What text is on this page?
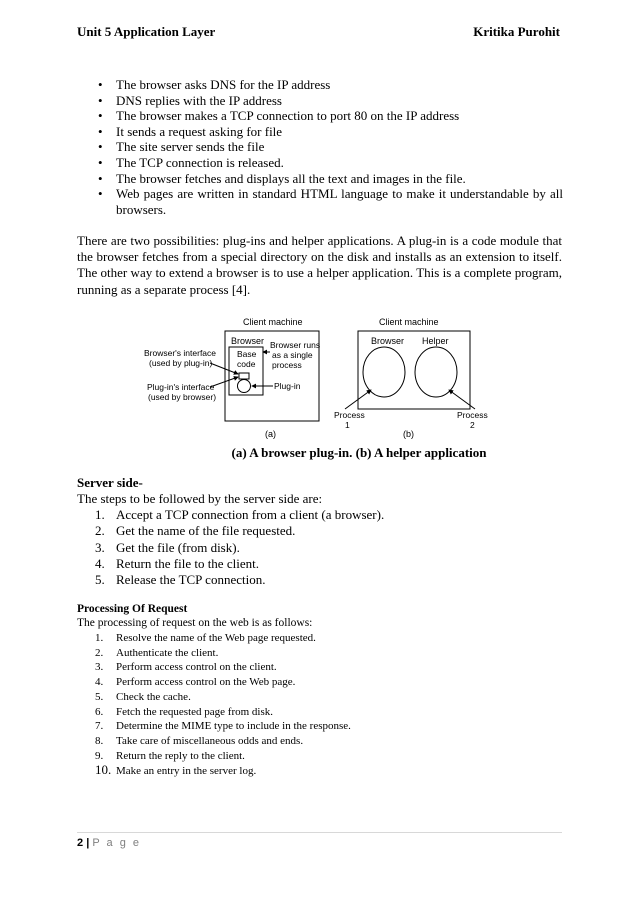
Unit 5 Application Layer	Kritika Purohit
• The browser asks DNS for the IP address
• DNS replies with the IP address
• The browser makes a TCP connection to port 80 on the IP address
• It sends a request asking for file
• The site server sends the file
• The TCP connection is released.
• The browser fetches and displays all the text and images in the file.
• Web pages are written in standard HTML language to make it understandable by all browsers.
There are two possibilities: plug-ins and helper applications. A plug-in is a code module that the browser fetches from a special directory on the disk and installs as an extension to itself. The other way to extend a browser is to use a helper application. This is a complete program, running as a separate process [4].
Client machine
Browser
Base
code
Browser runs
as a single
process
Plug-in
Browser's interface
(used by plug-in)
Plug-in's interface
(used by browser)
(a)
Client machine
Browser Helper
Process
1
Process
2
(b)
(a) A browser plug-in. (b) A helper application
Server side-
The steps to be followed by the server side are:
1. Accept a TCP connection from a client (a browser).
2. Get the name of the file requested.
3. Get the file (from disk).
4. Return the file to the client.
5. Release the TCP connection.
Processing Of Request
The processing of request on the web is as follows:
1. Resolve the name of the Web page requested.
2. Authenticate the client.
3. Perform access control on the client.
4. Perform access control on the Web page.
5. Check the cache.
6. Fetch the requested page from disk.
7. Determine the MIME type to include in the response.
8. Take care of miscellaneous odds and ends.
9. Return the reply to the client.
10. Make an entry in the server log.
2 | P a g e
